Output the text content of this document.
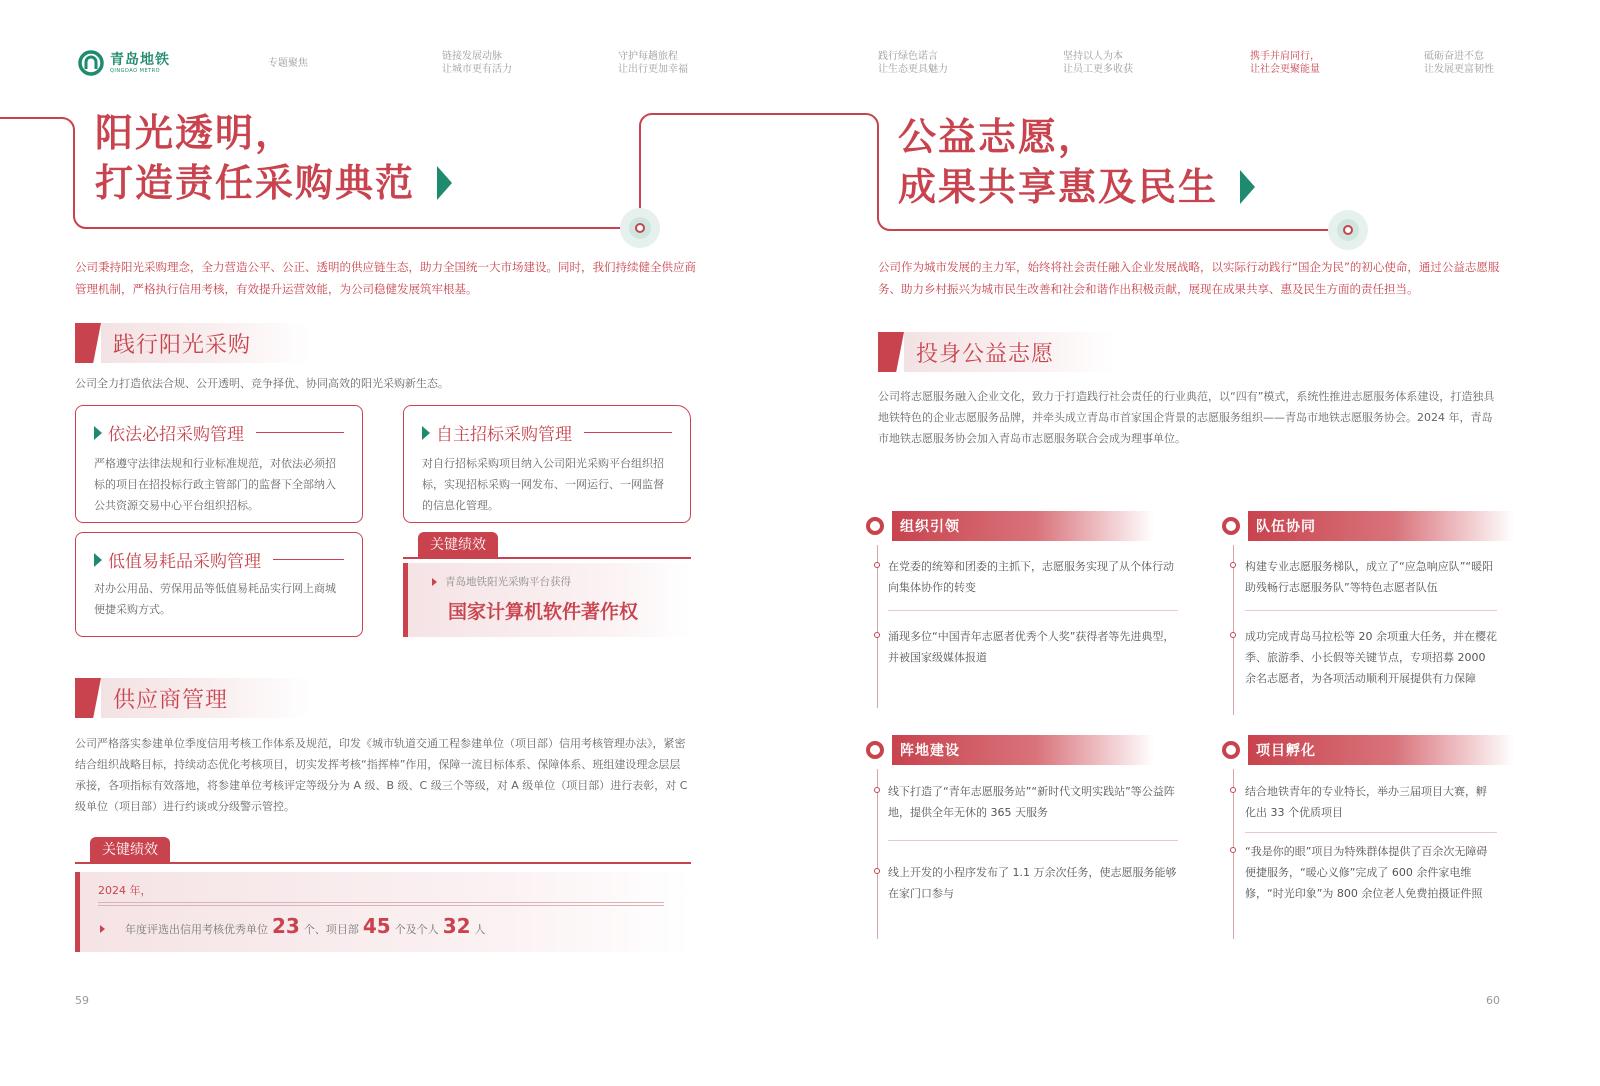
青岛地铁
QINGDAO METRO
专题聚焦
链接发展动脉
让城市更有活力
守护每趟旅程
让出行更加幸福
践行绿色诺言
让生态更具魅力
坚持以人为本
让员工更多收获
携手并肩同行，
让社会更聚能量
砥砺奋进不怠
让发展更富韧性
阳光透明，
打造责任采购典范
公司秉持阳光采购理念，全力营造公平、公正、透明的供应链生态，助力全国统一大市场建设。同时，我们持续健全供应商管理机制，严格执行信用考核，有效提升运营效能，为公司稳健发展筑牢根基。
践行阳光采购
公司全力打造依法合规、公开透明、竞争择优、协同高效的阳光采购新生态。
依法必招采购管理
严格遵守法律法规和行业标准规范，对依法必须招标的项目在招投标行政主管部门的监督下全部纳入公共资源交易中心平台组织招标。
自主招标采购管理
对自行招标采购项目纳入公司阳光采购平台组织招标，实现招标采购一网发布、一网运行、一网监督的信息化管理。
低值易耗品采购管理
对办公用品、劳保用品等低值易耗品实行网上商城便捷采购方式。
关键绩效
青岛地铁阳光采购平台获得
国家计算机软件著作权
供应商管理
公司严格落实参建单位季度信用考核工作体系及规范，印发《城市轨道交通工程参建单位（项目部）信用考核管理办法》，紧密结合组织战略目标，持续动态优化考核项目，切实发挥考核“指挥棒”作用，保障一流目标体系、保障体系、班组建设理念层层承接，各项指标有效落地，将参建单位考核评定等级分为 A 级、B 级、C 级三个等级，对 A 级单位（项目部）进行表彰，对 C 级单位（项目部）进行约谈或分级警示管控。
关键绩效
2024 年，
年度评选出信用考核优秀单位 23 个、项目部 45 个及个人 32 人
59
公益志愿，
成果共享惠及民生
公司作为城市发展的主力军，始终将社会责任融入企业发展战略，以实际行动践行“国企为民”的初心使命，通过公益志愿服务、助力乡村振兴为城市民生改善和社会和谐作出积极贡献，展现在成果共享、惠及民生方面的责任担当。
投身公益志愿
公司将志愿服务融入企业文化，致力于打造践行社会责任的行业典范，以“四有”模式，系统性推进志愿服务体系建设，打造独具地铁特色的企业志愿服务品牌，并牵头成立青岛市首家国企背景的志愿服务组织——青岛市地铁志愿服务协会。2024 年，青岛市地铁志愿服务协会加入青岛市志愿服务联合会成为理事单位。
组织引领
在党委的统筹和团委的主抓下，志愿服务实现了从个体行动向集体协作的转变
涌现多位“中国青年志愿者优秀个人奖”获得者等先进典型，并被国家级媒体报道
队伍协同
构建专业志愿服务梯队，成立了“应急响应队”“暖阳助残畅行志愿服务队”等特色志愿者队伍
成功完成青岛马拉松等 20 余项重大任务，并在樱花季、旅游季、小长假等关键节点，专项招募 2000 余名志愿者，为各项活动顺利开展提供有力保障
阵地建设
线下打造了“青年志愿服务站”“新时代文明实践站”等公益阵地，提供全年无休的 365 天服务
线上开发的小程序发布了 1.1 万余次任务，使志愿服务能够在家门口参与
项目孵化
结合地铁青年的专业特长，举办三届项目大赛，孵化出 33 个优质项目
“我是你的眼”项目为特殊群体提供了百余次无障碍便捷服务，“暖心义修”完成了 600 余件家电维修，“时光印象”为 800 余位老人免费拍摄证件照
60
